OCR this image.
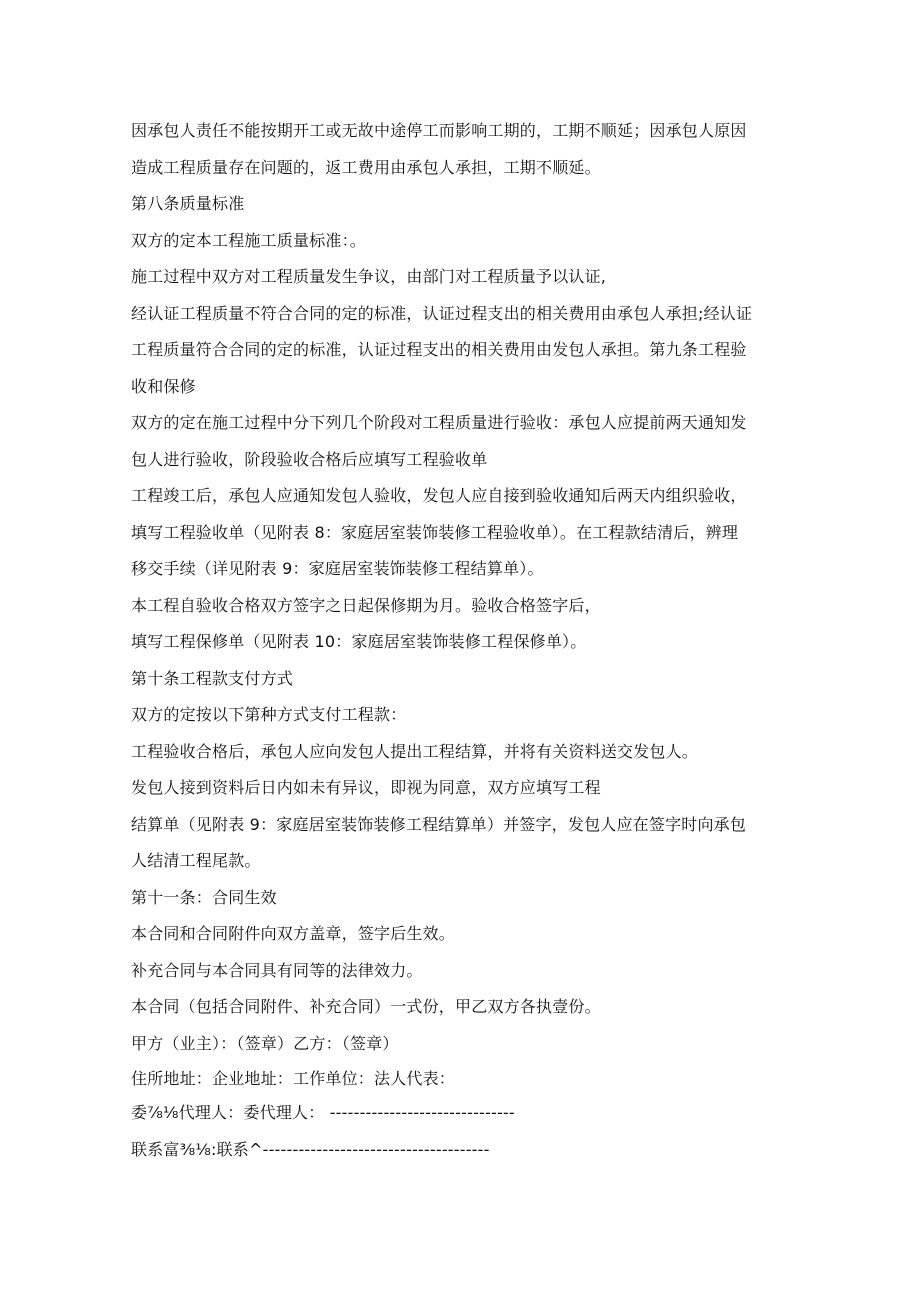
因承包人责任不能按期开工或无故中途停工而影响工期的，工期不顺延；因承包人原因
造成工程质量存在问题的，返工费用由承包人承担，工期不顺延。
第八条质量标准
双方的定本工程施工质量标准：。
施工过程中双方对工程质量发生争议，由部门对工程质量予以认证,
经认证工程质量不符合合同的定的标准，认证过程支出的相关费用由承包人承担;经认证
工程质量符合合同的定的标准，认证过程支出的相关费用由发包人承担。第九条工程验
收和保修
双方的定在施工过程中分下列几个阶段对工程质量进行验收：承包人应提前两天通知发
包人进行验收，阶段验收合格后应填写工程验收单
工程竣工后，承包人应通知发包人验收，发包人应自接到验收通知后两天内组织验收，
填写工程验收单（见附表 8：家庭居室装饰装修工程验收单）。在工程款结清后，辨理
移交手续（详见附表 9：家庭居室装饰装修工程结算单）。
本工程自验收合格双方签字之日起保修期为月。验收合格签字后，
填写工程保修单（见附表 10：家庭居室装饰装修工程保修单）。
第十条工程款支付方式
双方的定按以下第种方式支付工程款：
工程验收合格后，承包人应向发包人提出工程结算，并将有关资料送交发包人。
发包人接到资料后日内如未有异议，即视为同意，双方应填写工程
结算单（见附表 9：家庭居室装饰装修工程结算单）并签字，发包人应在签字时向承包
人结清工程尾款。
第十一条：合同生效
本合同和合同附件向双方盖章，签字后生效。
补充合同与本合同具有同等的法律效力。
本合同（包括合同附件、补充合同）一式份，甲乙双方各执壹份。
甲方（业主）：（签章）乙方：（签章）
住所地址：企业地址：工作单位：法人代表：
委⅞⅛代理人：委代理人： -------------------------------
联系富⅜⅛:联系^--------------------------------------
